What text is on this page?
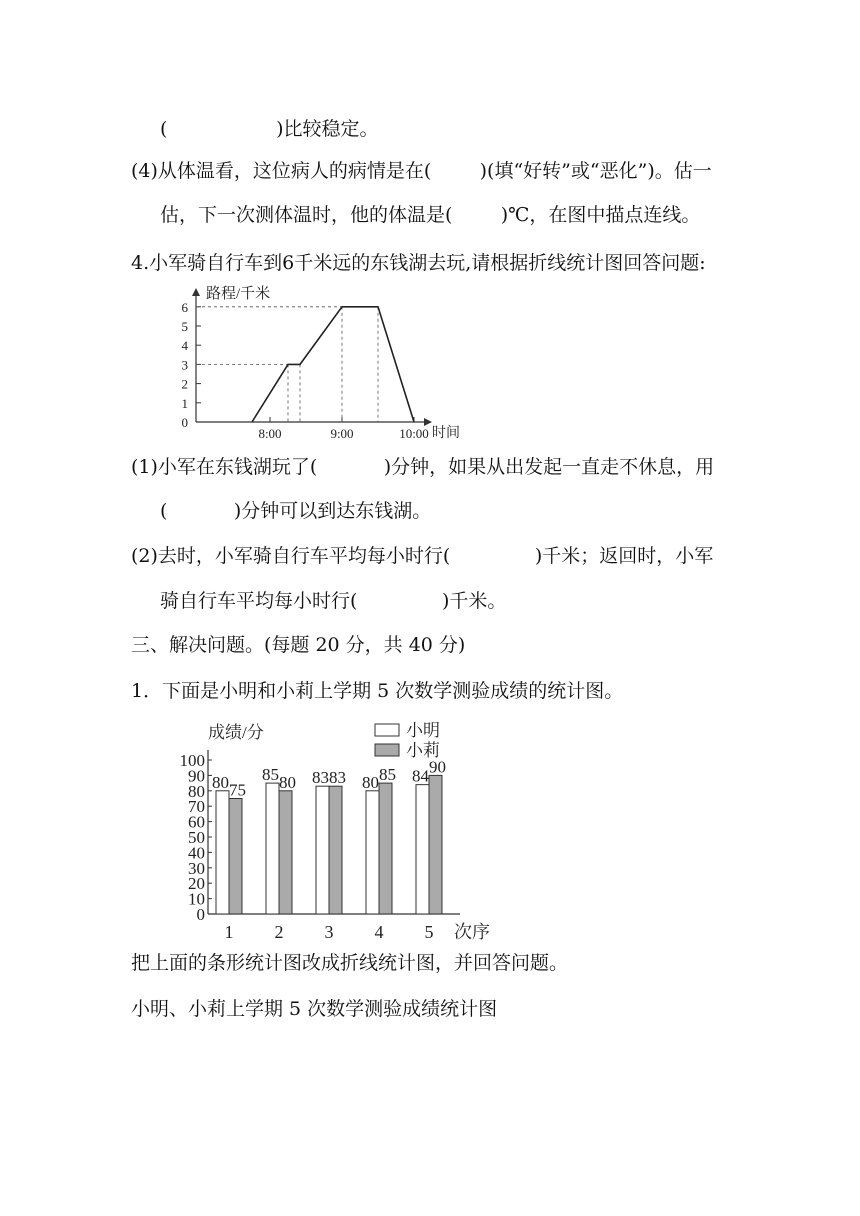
(                  )比较稳定。
(4)从体温看，这位病人的病情是在(        )(填“好转”或“恶化”)。估一
估，下一次测体温时，他的体温是(        )℃，在图中描点连线。
4.小军骑自行车到6千米远的东钱湖去玩,请根据折线统计图回答问题:
路程/千米
时间
0
1
2
3
4
5
6
8:00	9:00	10:00
(1)小军在东钱湖玩了(           )分钟，如果从出发起一直走不休息，用
(           )分钟可以到达东钱湖。
(2)去时，小军骑自行车平均每小时行(              )千米；返回时，小军
骑自行车平均每小时行(              )千米。
三、解决问题。(每题 20 分，共 40 分)
1．下面是小明和小莉上学期 5 次数学测验成绩的统计图。
成绩/分
次序
0
10
20
30
40
50
60
70
80
90
100
80 75
1
85 80
2
83 83
3
80 85
4
84 90
5
小明
小莉
把上面的条形统计图改成折线统计图，并回答问题。
小明、小莉上学期 5 次数学测验成绩统计图
